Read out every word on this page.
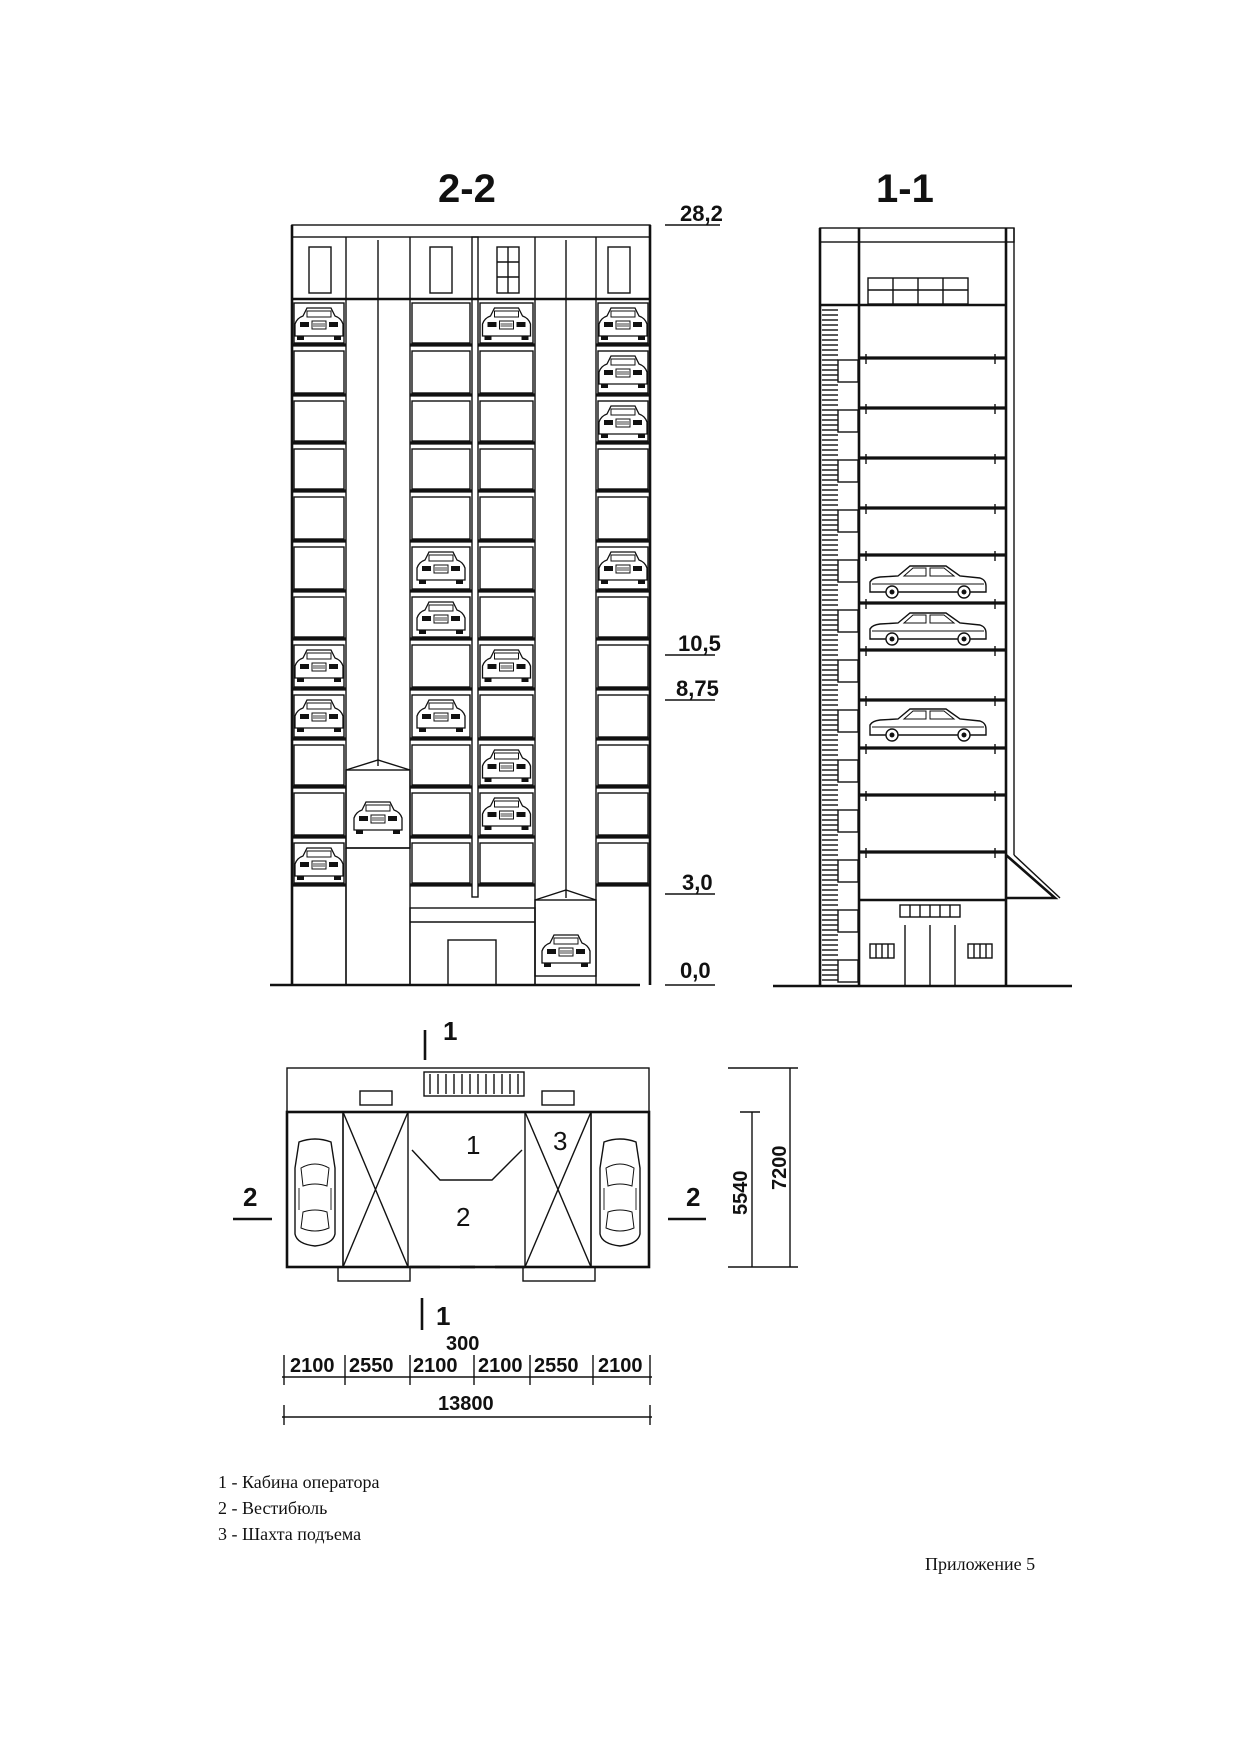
2-2
28,2
10,5
8,75
3,0
0,0
1-1
1
1
2	2
1
2
3
5540
7200
300
2100 2550 2100 2100 2550 2100
13800
1 - Кабина оператора
2 - Вестибюль
3 - Шахта подъема
Приложение 5
